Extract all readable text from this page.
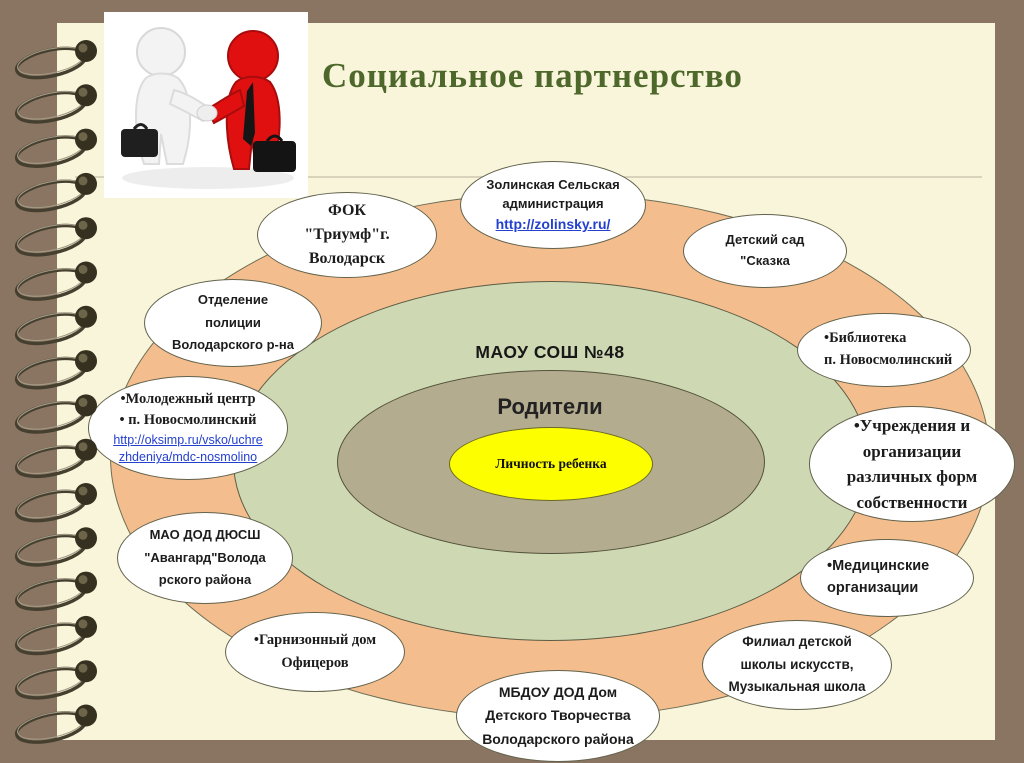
Социальное партнерство
МАОУ СОШ №48
Родители
Личность ребенка
Золинская Сельская
администрация
http://zolinsky.ru/
ФОК
"Триумф"г.
Володарск
Детский сад
"Сказка
Отделение
полиции
Володарского р-на	•Библиотека
п. Новосмолинский
•Молодежный центр
• п. Новосмолинский
http://oksimp.ru/vsko/uchre
zhdeniya/mdc-nosmolino
•Учреждения и
организации
различных форм
собственности
МАО ДОД ДЮСШ
"Авангард"Волода
рского района
•Медицинские
организации
•Гарнизонный дом
Офицеров
Филиал детской
школы искусств,
Музыкальная школа
МБДОУ ДОД Дом
Детского Творчества
Володарского района
